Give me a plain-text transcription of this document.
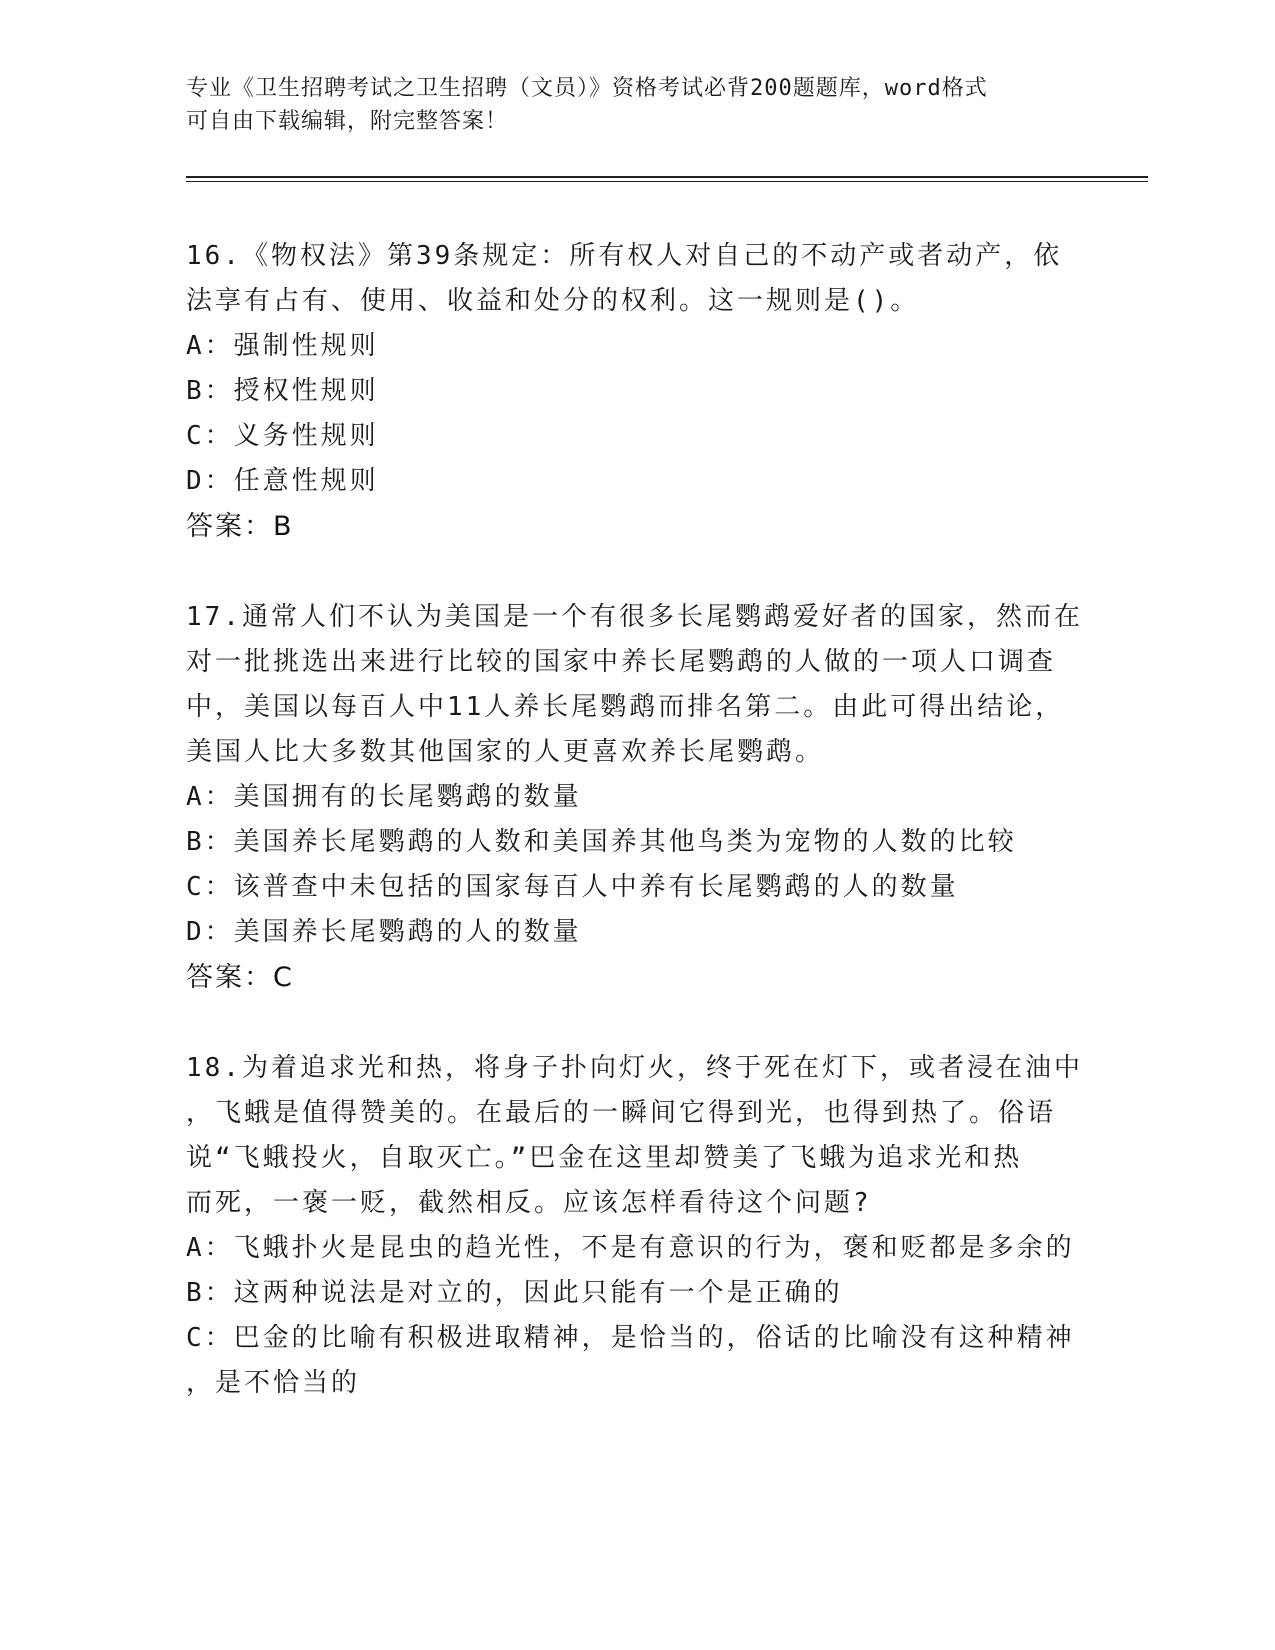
专业《卫生招聘考试之卫生招聘（文员）》资格考试必背200题题库，word格式
可自由下载编辑，附完整答案！

16.《物权法》第39条规定：所有权人对自己的不动产或者动产，依

法享有占有、使用、收益和处分的权利。这一规则是()。

A：强制性规则

B：授权性规则

C：义务性规则

D：任意性规则

答案：B

17.通常人们不认为美国是一个有很多长尾鹦鹉爱好者的国家，然而在

对一批挑选出来进行比较的国家中养长尾鹦鹉的人做的一项人口调查

中，美国以每百人中11人养长尾鹦鹉而排名第二。由此可得出结论，

美国人比大多数其他国家的人更喜欢养长尾鹦鹉。

A：美国拥有的长尾鹦鹉的数量

B：美国养长尾鹦鹉的人数和美国养其他鸟类为宠物的人数的比较

C：该普查中未包括的国家每百人中养有长尾鹦鹉的人的数量

D：美国养长尾鹦鹉的人的数量

答案：C

18.为着追求光和热，将身子扑向灯火，终于死在灯下，或者浸在油中

，飞蛾是值得赞美的。在最后的一瞬间它得到光，也得到热了。俗语

说“飞蛾投火，自取灭亡。”巴金在这里却赞美了飞蛾为追求光和热

而死，一褒一贬，截然相反。应该怎样看待这个问题?

A：飞蛾扑火是昆虫的趋光性，不是有意识的行为，褒和贬都是多余的

B：这两种说法是对立的，因此只能有一个是正确的

C：巴金的比喻有积极进取精神，是恰当的，俗话的比喻没有这种精神

，是不恰当的
